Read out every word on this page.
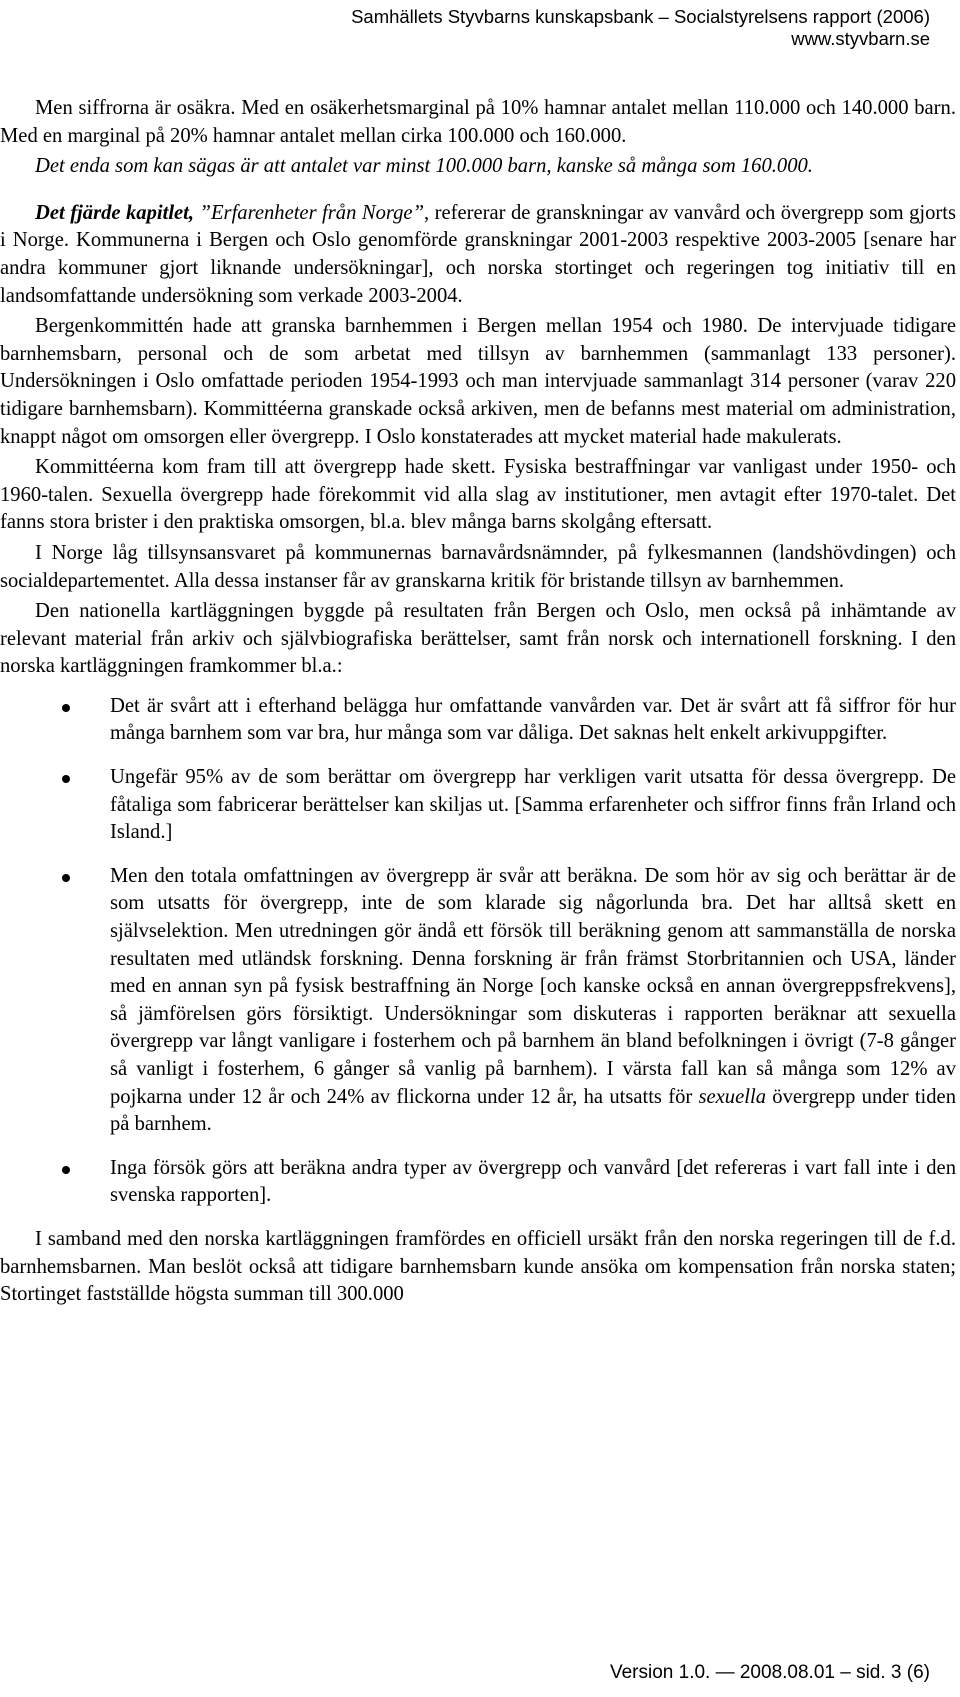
Samhällets Styvbarns kunskapsbank – Socialstyrelsens rapport (2006)
www.styvbarn.se

Men siffrorna är osäkra. Med en osäkerhetsmarginal på 10% hamnar antalet mellan 110.000 och 140.000 barn. Med en marginal på 20% hamnar antalet mellan cirka 100.000 och 160.000.

Det enda som kan sägas är att antalet var minst 100.000 barn, kanske så många som 160.000.

Det fjärde kapitlet, ”Erfarenheter från Norge”, refererar de granskningar av vanvård och övergrepp som gjorts i Norge. Kommunerna i Bergen och Oslo genomförde granskningar 2001-2003 respektive 2003-2005 [senare har andra kommuner gjort liknande undersökningar], och norska stortinget och regeringen tog initiativ till en landsomfattande undersökning som verkade 2003-2004.

Bergenkommittén hade att granska barnhemmen i Bergen mellan 1954 och 1980. De intervjuade tidigare barnhemsbarn, personal och de som arbetat med tillsyn av barnhemmen (sammanlagt 133 personer). Undersökningen i Oslo omfattade perioden 1954-1993 och man intervjuade sammanlagt 314 personer (varav 220 tidigare barnhemsbarn). Kommittéerna granskade också arkiven, men de befanns mest material om administration, knappt något om omsorgen eller övergrepp. I Oslo konstaterades att mycket material hade makulerats.

Kommittéerna kom fram till att övergrepp hade skett. Fysiska bestraffningar var vanligast under 1950- och 1960-talen. Sexuella övergrepp hade förekommit vid alla slag av institutioner, men avtagit efter 1970-talet. Det fanns stora brister i den praktiska omsorgen, bl.a. blev många barns skolgång eftersatt.

I Norge låg tillsynsansvaret på kommunernas barnavårdsnämnder, på fylkesmannen (landshövdingen) och socialdepartementet. Alla dessa instanser får av granskarna kritik för bristande tillsyn av barnhemmen.

Den nationella kartläggningen byggde på resultaten från Bergen och Oslo, men också på inhämtande av relevant material från arkiv och självbiografiska berättelser, samt från norsk och internationell forskning. I den norska kartläggningen framkommer bl.a.:

Det är svårt att i efterhand belägga hur omfattande vanvården var. Det är svårt att få siffror för hur många barnhem som var bra, hur många som var dåliga. Det saknas helt enkelt arkivuppgifter.
Ungefär 95% av de som berättar om övergrepp har verkligen varit utsatta för dessa övergrepp. De fåtaliga som fabricerar berättelser kan skiljas ut. [Samma erfarenheter och siffror finns från Irland och Island.]
Men den totala omfattningen av övergrepp är svår att beräkna. De som hör av sig och berättar är de som utsatts för övergrepp, inte de som klarade sig någorlunda bra. Det har alltså skett en självselektion. Men utredningen gör ändå ett försök till beräkning genom att sammanställa de norska resultaten med utländsk forskning. Denna forskning är från främst Storbritannien och USA, länder med en annan syn på fysisk bestraffning än Norge [och kanske också en annan övergreppsfrekvens], så jämförelsen görs försiktigt. Undersökningar som diskuteras i rapporten beräknar att sexuella övergrepp var långt vanligare i fosterhem och på barnhem än bland befolkningen i övrigt (7-8 gånger så vanligt i fosterhem, 6 gånger så vanlig på barnhem). I värsta fall kan så många som 12% av pojkarna under 12 år och 24% av flickorna under 12 år, ha utsatts för sexuella övergrepp under tiden på barnhem.
Inga försök görs att beräkna andra typer av övergrepp och vanvård [det refereras i vart fall inte i den svenska rapporten].

I samband med den norska kartläggningen framfördes en officiell ursäkt från den norska regeringen till de f.d. barnhemsbarnen. Man beslöt också att tidigare barnhemsbarn kunde ansöka om kompensation från norska staten; Stortinget fastställde högsta summan till 300.000

Version 1.0. — 2008.08.01 – sid. 3 (6)
